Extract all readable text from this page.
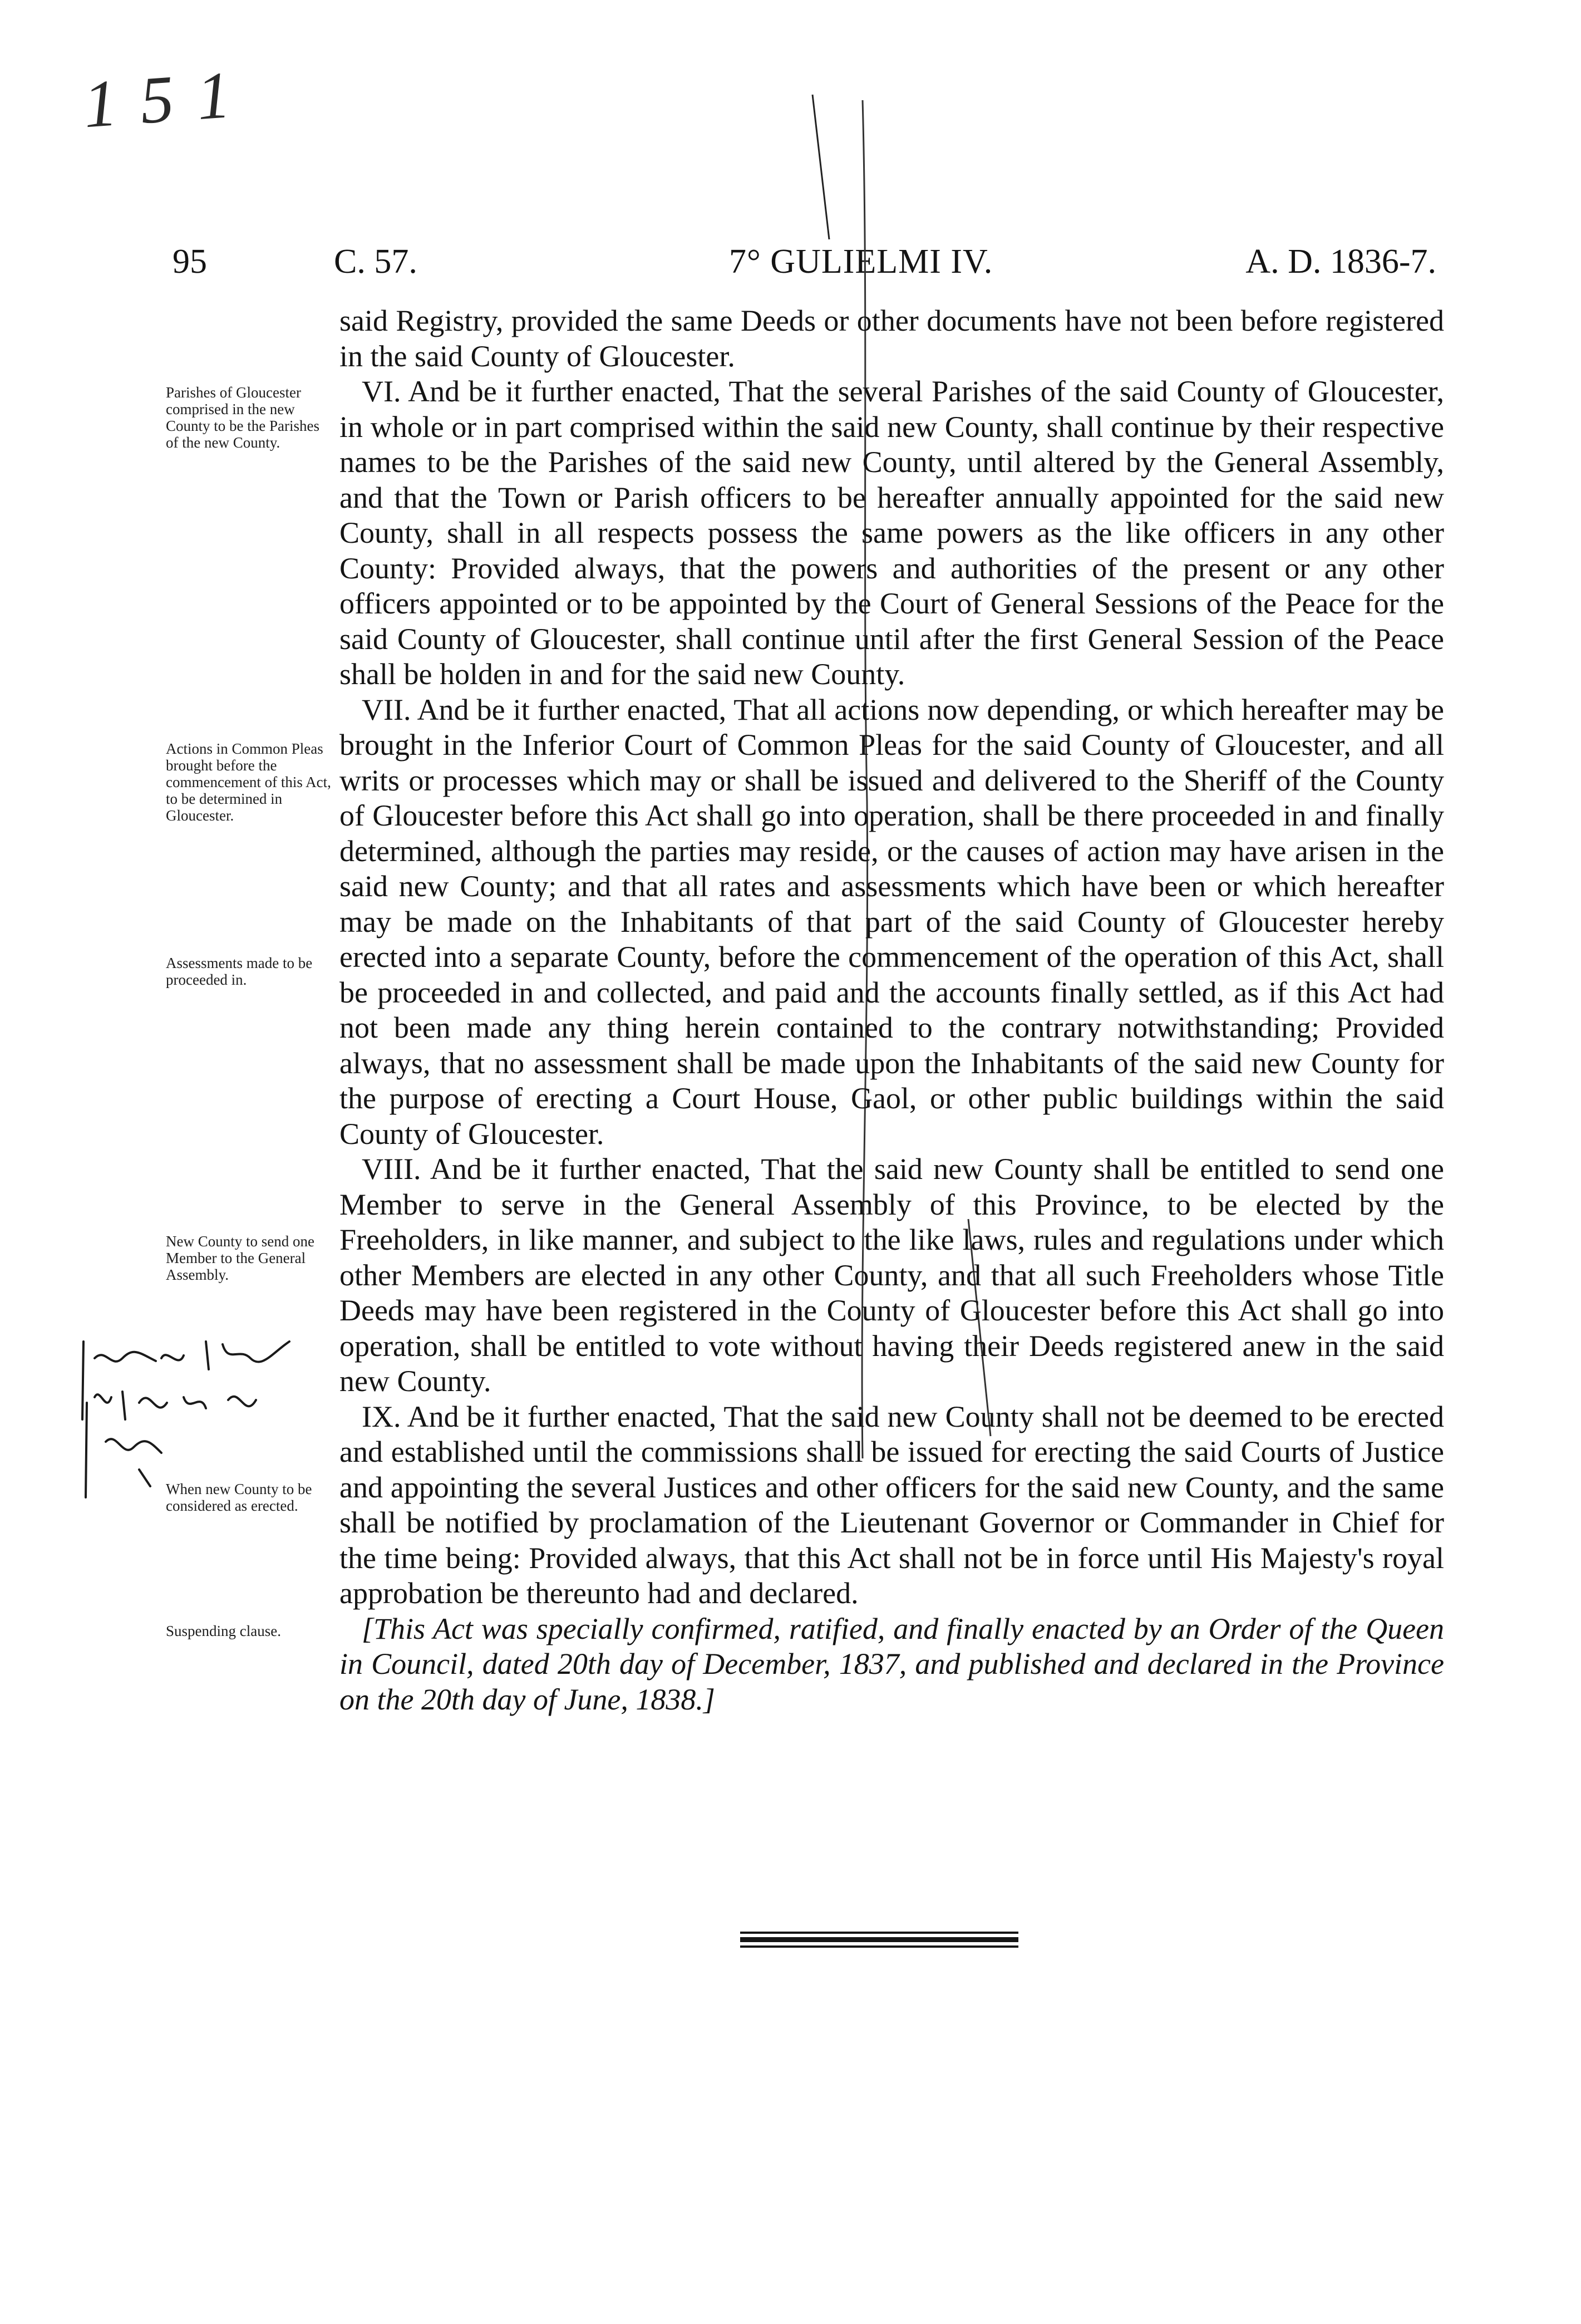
1 5 1
95	C. 57.	7° GULIELMI IV.	A. D. 1836-7.

said Registry, provided the same Deeds or other documents have not been before registered in the said County of Gloucester.

VI. And be it further enacted, That the several Parishes of the said County of Gloucester, in whole or in part comprised within the said new County, shall continue by their respective names to be the Parishes of the said new County, until altered by the General Assembly, and that the Town or Parish officers to be hereafter annually appointed for the said new County, shall in all respects possess the same powers as the like officers in any other County: Provided always, that the powers and authorities of the present or any other officers appointed or to be appointed by the Court of General Sessions of the Peace for the said County of Gloucester, shall continue until after the first General Session of the Peace shall be holden in and for the said new County.

VII. And be it further enacted, That all actions now depending, or which hereafter may be brought in the Inferior Court of Common Pleas for the said County of Gloucester, and all writs or processes which may or shall be issued and delivered to the Sheriff of the County of Gloucester before this Act shall go into operation, shall be there proceeded in and finally determined, although the parties may reside, or the causes of action may have arisen in the said new County; and that all rates and assessments which have been or which hereafter may be made on the Inhabitants of that part of the said County of Gloucester hereby erected into a separate County, before the commencement of the operation of this Act, shall be proceeded in and collected, and paid and the accounts finally settled, as if this Act had not been made any thing herein contained to the contrary notwithstanding; Provided always, that no assessment shall be made upon the Inhabitants of the said new County for the purpose of erecting a Court House, Gaol, or other public buildings within the said County of Gloucester.

VIII. And be it further enacted, That the said new County shall be entitled to send one Member to serve in the General Assembly of this Province, to be elected by the Freeholders, in like manner, and subject to the like laws, rules and regulations under which other Members are elected in any other County, and that all such Freeholders whose Title Deeds may have been registered in the County of Gloucester before this Act shall go into operation, shall be entitled to vote without having their Deeds registered anew in the said new County.

IX. And be it further enacted, That the said new County shall not be deemed to be erected and established until the commissions shall be issued for erecting the said Courts of Justice and appointing the several Justices and other officers for the said new County, and the same shall be notified by proclamation of the Lieutenant Governor or Commander in Chief for the time being: Provided always, that this Act shall not be in force until His Majesty's royal approbation be thereunto had and declared.

[This Act was specially confirmed, ratified, and finally enacted by an Order of the Queen in Council, dated 20th day of December, 1837, and published and declared in the Province on the 20th day of June, 1838.]

Parishes of Gloucester comprised in the new County to be the Parishes of the new County.
Actions in Common Pleas brought before the commencement of this Act, to be determined in Gloucester.
Assessments made to be proceeded in.
New County to send one Member to the General Assembly.
When new County to be considered as erected.
Suspending clause.
